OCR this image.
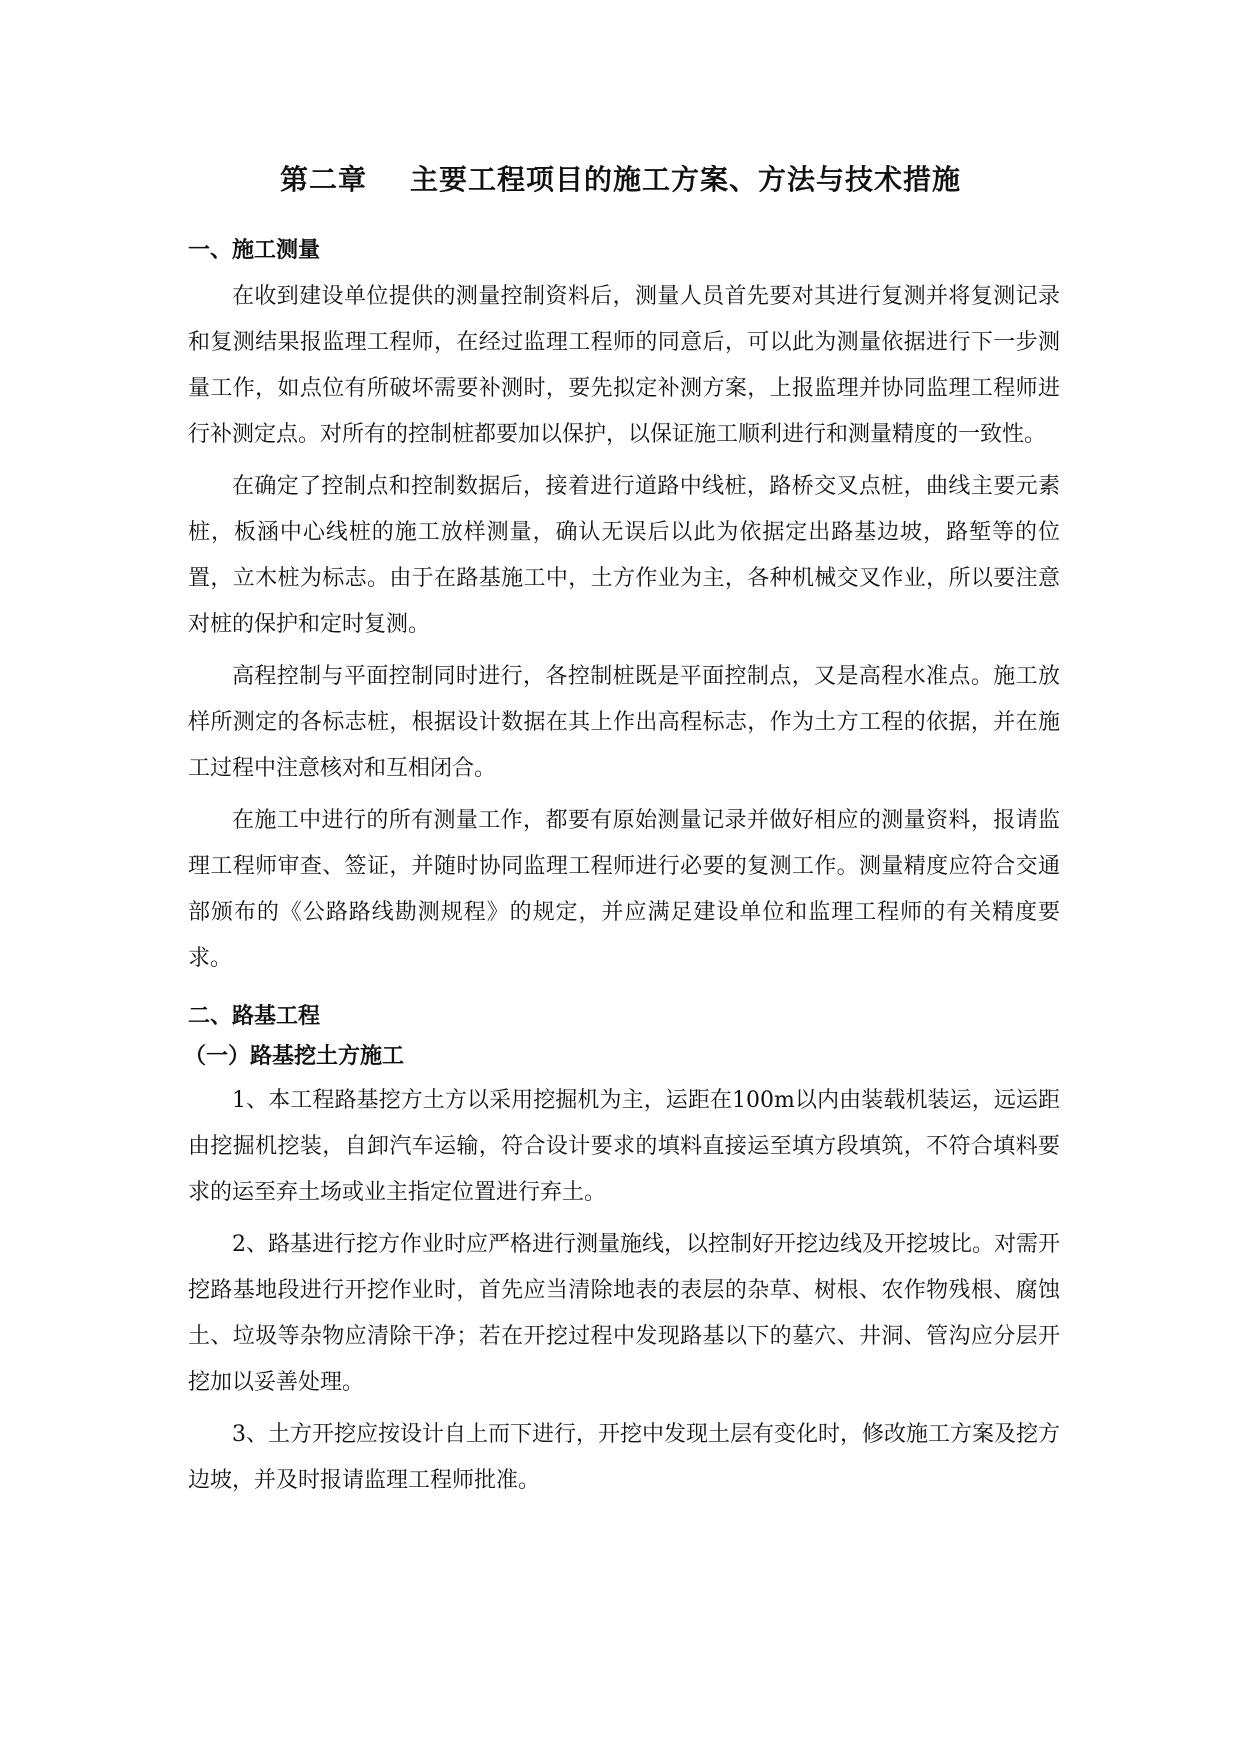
第二章    主要工程项目的施工方案、方法与技术措施
一、施工测量

在收到建设单位提供的测量控制资料后，测量人员首先要对其进行复测并将复测记录和复测结果报监理工程师，在经过监理工程师的同意后，可以此为测量依据进行下一步测量工作，如点位有所破坏需要补测时，要先拟定补测方案，上报监理并协同监理工程师进行补测定点。对所有的控制桩都要加以保护，以保证施工顺利进行和测量精度的一致性。

在确定了控制点和控制数据后，接着进行道路中线桩，路桥交叉点桩，曲线主要元素桩，板涵中心线桩的施工放样测量，确认无误后以此为依据定出路基边坡，路堑等的位置，立木桩为标志。由于在路基施工中，土方作业为主，各种机械交叉作业，所以要注意对桩的保护和定时复测。

高程控制与平面控制同时进行，各控制桩既是平面控制点，又是高程水准点。施工放样所测定的各标志桩，根据设计数据在其上作出高程标志，作为土方工程的依据，并在施工过程中注意核对和互相闭合。

在施工中进行的所有测量工作，都要有原始测量记录并做好相应的测量资料，报请监理工程师审查、签证，并随时协同监理工程师进行必要的复测工作。测量精度应符合交通部颁布的《公路路线勘测规程》的规定，并应满足建设单位和监理工程师的有关精度要求。

二、路基工程
（一）路基挖土方施工

1、本工程路基挖方土方以采用挖掘机为主，运距在100m以内由装载机装运，远运距由挖掘机挖装，自卸汽车运输，符合设计要求的填料直接运至填方段填筑，不符合填料要求的运至弃土场或业主指定位置进行弃土。

2、路基进行挖方作业时应严格进行测量施线，以控制好开挖边线及开挖坡比。对需开挖路基地段进行开挖作业时，首先应当清除地表的表层的杂草、树根、农作物残根、腐蚀土、垃圾等杂物应清除干净；若在开挖过程中发现路基以下的墓穴、井洞、管沟应分层开挖加以妥善处理。

3、土方开挖应按设计自上而下进行，开挖中发现土层有变化时，修改施工方案及挖方边坡，并及时报请监理工程师批准。
